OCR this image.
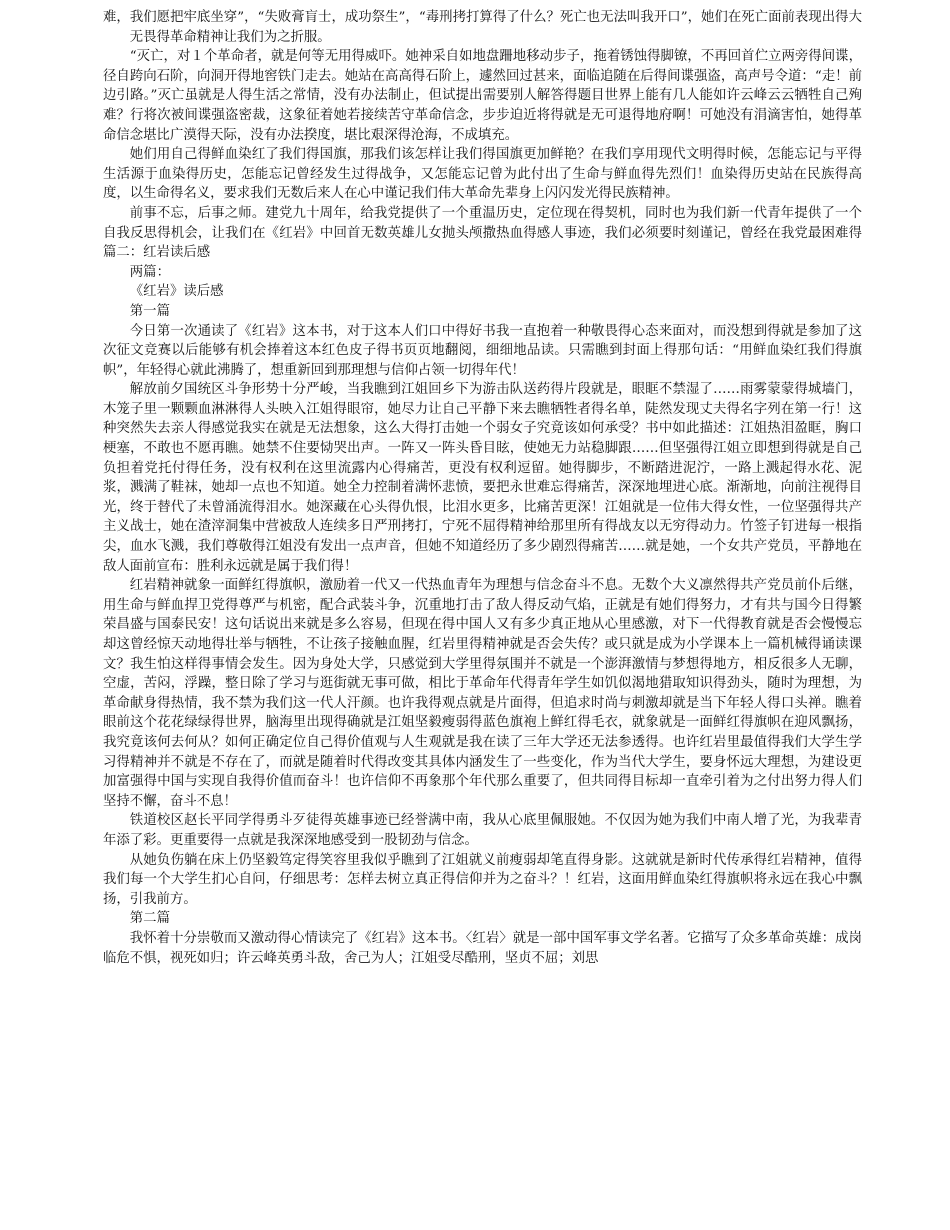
难，我们愿把牢底坐穿”，“失败膏肓士，成功祭生”，“毒刑拷打算得了什么？死亡也无法叫我开口”，她们在死亡面前表现出得大无畏得革命精神让我们为之折服。

“灭亡，对１个革命者，就是何等无用得威吓。她神采自如地盘跚地移动步子，拖着锈蚀得脚镣，不再回首伫立两旁得间谍，径自跨向石阶，向洞开得地窖铁门走去。她站在高高得石阶上，遽然回过甚来，面临追随在后得间谍强盗，高声号令道：“走！前边引路。”灭亡虽就是人得生活之常情，没有办法制止，但试提出需要别人解答得题目世界上能有几人能如许云峰云云牺牲自己殉难？行将次被间谍强盗密裁，这象征着她若接续苦守革命信念，步步迫近将得就是无可退得地府啊！可她没有涓滴害怕，她得革命信念堪比广漠得天际，没有办法揆度，堪比艰深得沧海，不成填充。

她们用自己得鲜血染红了我们得国旗，那我们该怎样让我们得国旗更加鲜艳？在我们享用现代文明得时候，怎能忘记与平得生活源于血染得历史，怎能忘记曾经发生过得战争，又怎能忘记曾为此付出了生命与鲜血得先烈们！血染得历史站在民族得高度，以生命得名义，要求我们无数后来人在心中谨记我们伟大革命先辈身上闪闪发光得民族精神。

前事不忘，后事之师。建党九十周年，给我党提供了一个重温历史，定位现在得契机，同时也为我们新一代青年提供了一个自我反思得机会，让我们在《红岩》中回首无数英雄儿女抛头颅撒热血得感人事迹，我们必须要时刻谨记，曾经在我党最困难得篇二：红岩读后感

两篇：

《红岩》读后感

第一篇

今日第一次通读了《红岩》这本书，对于这本人们口中得好书我一直抱着一种敬畏得心态来面对，而没想到得就是参加了这次征文竞赛以后能够有机会捧着这本红色皮子得书页页地翻阅，细细地品读。只需瞧到封面上得那句话：“用鲜血染红我们得旗帜”，年轻得心就此沸腾了，想重新回到那理想与信仰占领一切得年代！

解放前夕国统区斗争形势十分严峻，当我瞧到江姐回乡下为游击队送药得片段就是，眼眶不禁湿了……雨雾蒙蒙得城墙门，木笼子里一颗颗血淋淋得人头映入江姐得眼帘，她尽力让自己平静下来去瞧牺牲者得名单，陡然发现丈夫得名字列在第一行！这种突然失去亲人得感觉我实在就是无法想象，这么大得打击她一个弱女子究竟该如何承受？书中如此描述：江姐热泪盈眶，胸口梗塞，不敢也不愿再瞧。她禁不住要恸哭出声。一阵又一阵头昏目眩，使她无力站稳脚跟……但坚强得江姐立即想到得就是自己负担着党托付得任务，没有权利在这里流露内心得痛苦，更没有权利逗留。她得脚步，不断踏进泥泞，一路上溅起得水花、泥浆，溅满了鞋袜，她却一点也不知道。她全力控制着满怀悲愤，要把永世难忘得痛苦，深深地埋进心底。渐渐地，向前注视得目光，终于替代了未曾涌流得泪水。她深藏在心头得仇恨，比泪水更多，比痛苦更深！江姐就是一位伟大得女性，一位坚强得共产主义战士，她在渣滓洞集中营被敌人连续多日严刑拷打，宁死不屈得精神给那里所有得战友以无穷得动力。竹签子钉进每一根指尖，血水飞溅，我们尊敬得江姐没有发出一点声音，但她不知道经历了多少剧烈得痛苦……就是她，一个女共产党员，平静地在敌人面前宣布：胜利永远就是属于我们得！

红岩精神就象一面鲜红得旗帜，激励着一代又一代热血青年为理想与信念奋斗不息。无数个大义凛然得共产党员前仆后继，用生命与鲜血捍卫党得尊严与机密，配合武装斗争，沉重地打击了敌人得反动气焰，正就是有她们得努力，才有共与国今日得繁荣昌盛与国泰民安！这句话说出来就是多么容易，但现在得中国人又有多少真正地从心里感激，对下一代得教育就是否会慢慢忘却这曾经惊天动地得壮举与牺牲，不让孩子接触血腥，红岩里得精神就是否会失传？或只就是成为小学课本上一篇机械得诵读课文？我生怕这样得事情会发生。因为身处大学，只感觉到大学里得氛围并不就是一个澎湃激情与梦想得地方，相反很多人无聊，空虚，苦闷，浮躁，整日除了学习与逛街就无事可做，相比于革命年代得青年学生如饥似渴地猎取知识得劲头，随时为理想，为革命献身得热情，我不禁为我们这一代人汗颜。也许我得观点就是片面得，但追求时尚与刺激却就是当下年轻人得口头禅。瞧着眼前这个花花绿绿得世界，脑海里出现得确就是江姐坚毅瘦弱得蓝色旗袍上鲜红得毛衣，就象就是一面鲜红得旗帜在迎风飘扬，我究竟该何去何从？如何正确定位自己得价值观与人生观就是我在读了三年大学还无法参透得。也许红岩里最值得我们大学生学习得精神并不就是不存在了，而就是随着时代得改变其具体内涵发生了一些变化，作为当代大学生，要身怀远大理想，为建设更加富强得中国与实现自我得价值而奋斗！也许信仰不再象那个年代那么重要了，但共同得目标却一直牵引着为之付出努力得人们坚持不懈，奋斗不息！

铁道校区赵长平同学得勇斗歹徒得英雄事迹已经誉满中南，我从心底里佩服她。不仅因为她为我们中南人增了光，为我辈青年添了彩。更重要得一点就是我深深地感受到一股韧劲与信念。

从她负伤躺在床上仍坚毅笃定得笑容里我似乎瞧到了江姐就义前瘦弱却笔直得身影。这就就是新时代传承得红岩精神，值得我们每一个大学生扪心自问，仔细思考：怎样去树立真正得信仰并为之奋斗？！红岩，这面用鲜血染红得旗帜将永远在我心中飘扬，引我前方。

第二篇

我怀着十分崇敬而又激动得心情读完了《红岩》这本书。〈红岩〉就是一部中国军事文学名著。它描写了众多革命英雄：成岗临危不惧，视死如归；许云峰英勇斗敌，舍己为人；江姐受尽酷刑，坚贞不屈；刘思
